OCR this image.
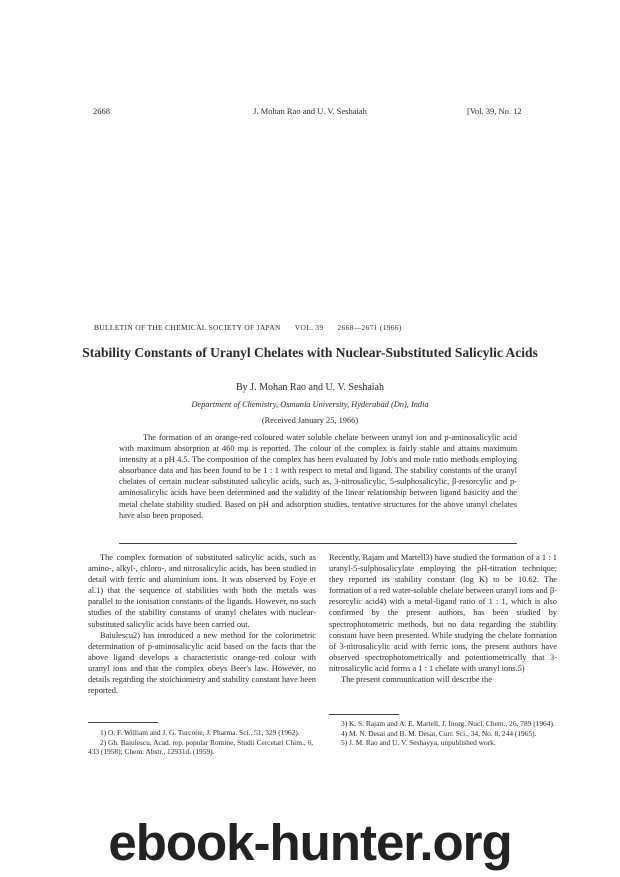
2668	J. Mohan Rao and U. V. Seshaiah	[Vol. 39, No. 12
BULLETIN OF THE CHEMICAL SOCIETY OF JAPAN VOL. 39 2668—2671 (1966)
Stability Constants of Uranyl Chelates with Nuclear-Substituted Salicylic Acids
By J. Mohan Rao and U. V. Seshaiah
Department of Chemistry, Osmania University, Hyderabad (Dn), India
(Received January 25, 1966)

The formation of an orange-red coloured water soluble chelate between uranyl ion and p-aminosalicylic acid with maximum absorption at 460 mμ is reported. The colour of the complex is fairly stable and attains maximum intensity at a pH 4.5. The composition of the complex has been evaluated by Job's and mole ratio methods employing absorbance data and has been found to be 1 : 1 with respect to metal and ligand. The stability constants of the uranyl chelates of certain nuclear substituted salicylic acids, such as, 3-nitrosalicylic, 5-sulphosalicylic, β-resorcylic and p-aminosalicylic acids have been determined and the validity of the linear relationship between ligand basicity and the metal chelate stability studied. Based on pH and adsorption studies, tentative structures for the above uranyl chelates have also been proposed.

The complex formation of substituted salicylic acids, such as amino-, alkyl-, chloro-, and nitrosalicylic acids, has been studied in detail with ferric and aluminium ions. It was observed by Foye et al.1) that the sequence of stabilities with both the metals was parallel to the ionisation constants of the ligands. However, no such studies of the stability constants of uranyl chelates with nuclear-substituted salicylic acids have been carried out.

Baiulescu2) has introduced a new method for the colorimetric determination of p-aminosalicylic acid based on the facts that the above ligand develops a characteristic orange-red colour with uranyl ions and that the complex obeys Beer's law. However, no details regarding the stoichiometry and stability constant have been reported.

1) O. F. William and J. G. Turcotte, J. Pharma. Sci., 51, 329 (1962).
2) Gh. Baiulescu, Acad. rep. popular Romine, Studii Cercetari Chim., 6, 433 (1958); Chem. Abstr., 12931d, (1959).

Recently, Rajam and Martell3) have studied the formation of a 1 : 1 uranyl-5-sulphosalicylate employing the pH-titration technique; they reported its stability constant (log K) to be 10.62. The formation of a red water-soluble chelate between uranyl ions and β-resorcylic acid4) with a metal-ligand ratio of 1 : 1, which is also confirmed by the present authors, has been studied by spectrophotometric methods, but no data regarding the stability constant have been presented. While studying the chelate formation of 3-nitrosalicylic acid with ferric ions, the present authors have observed spectrophotometrically and potentiometrically that 3-nitrosalicylic acid forms a 1 : 1 chelate with uranyl ions.5)

The present communication will describe the

3) K. S. Rajam and A. E. Martell, J. Inorg. Nucl. Chem., 26, 789 (1964).
4) M. N. Desai and B. M. Desai, Curr. Sci., 34, No. 8, 244 (1965).
5) J. M. Rao and U. V. Seshayya, unpublished work.
ebook-hunter.org
